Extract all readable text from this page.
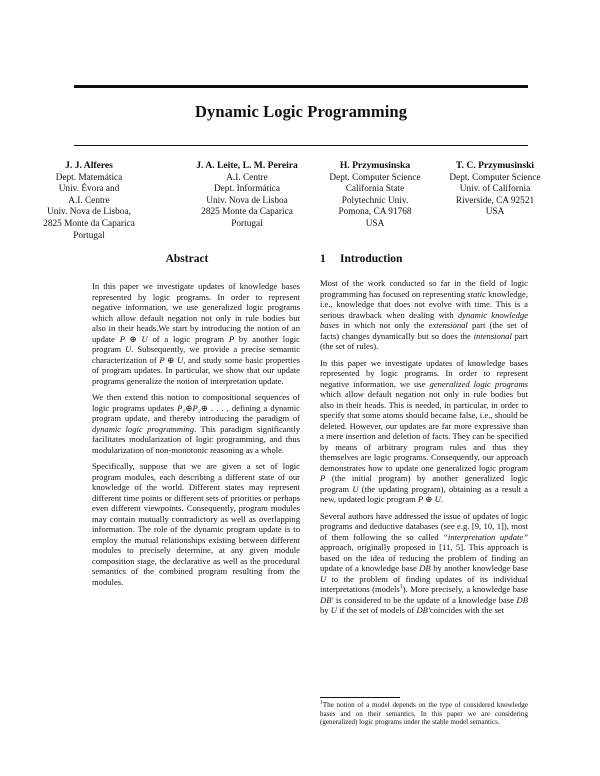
Dynamic Logic Programming
J. J. Alferes
Dept. Matemática
Univ. Évora and
A.I. Centre
Univ. Nova de Lisboa,
2825 Monte da Caparica
Portugal
J. A. Leite, L. M. Pereira
A.I. Centre
Dept. Informática
Univ. Nova de Lisboa
2825 Monte da Caparica
Portugal
H. Przymusinska
Dept. Computer Science
California State
Polytechnic Univ.
Pomona, CA 91768
USA
T. C. Przymusinski
Dept. Computer Science
Univ. of California
Riverside, CA 92521
USA
Abstract	1 Introduction

In this paper we investigate updates of knowledge bases represented by logic programs. In order to represent negative information, we use generalized logic programs which allow default negation not only in rule bodies but also in their heads.We start by introducing the notion of an update P ⊕ U of a logic program P by another logic program U. Subsequently, we provide a precise semantic characterization of P ⊕ U, and study some basic properties of program updates. In particular, we show that our update programs generalize the notion of interpretation update.

We then extend this notion to compositional sequences of logic programs updates P₁⊕P₂⊕ . . . , defining a dynamic program update, and thereby introducing the paradigm of dynamic logic programming. This paradigm significantly facilitates modularization of logic programming, and thus modularization of non-monotonic reasoning as a whole.

Specifically, suppose that we are given a set of logic program modules, each describing a different state of our knowledge of the world. Different states may represent different time points or different sets of priorities or perhaps even different viewpoints. Consequently, program modules may contain mutually contradictory as well as overlapping information. The role of the dynamic program update is to employ the mutual relationships existing between different modules to precisely determine, at any given module composition stage, the declarative as well as the procedural semantics of the combined program resulting from the modules.

Most of the work conducted so far in the field of logic programming has focused on representing static knowledge, i.e., knowledge that does not evolve with time. This is a serious drawback when dealing with dynamic knowledge bases in which not only the extensional part (the set of facts) changes dynamically but so does the intensional part (the set of rules).

In this paper we investigate updates of knowledge bases represented by logic programs. In order to represent negative information, we use generalized logic programs which allow default negation not only in rule bodies but also in their heads. This is needed, in particular, in order to specify that some atoms should became false, i.e., should be deleted. However, our updates are far more expressive than a mere insertion and deletion of facts. They can be specified by means of arbitrary program rules and thus they themselves are logic programs. Consequently, our approach demonstrates how to update one generalized logic program P (the initial program) by another generalized logic program U (the updating program), obtaining as a result a new, updated logic program P ⊕ U.

Several authors have addressed the issue of updates of logic programs and deductive databases (see e.g. [9, 10, 1]), most of them following the so called “interpretation update” approach, originally proposed in [11, 5]. This approach is based on the idea of reducing the problem of finding an update of a knowledge base DB by another knowledge base U to the problem of finding updates of its individual interpretations (models$^1$). More precisely, a knowledge base DB′ is considered to be the update of a knowledge base DB by U if the set of models of DB′coincides with the set

$^1$The notion of a model depends on the type of considered knowledge bases and on their semantics. In this paper we are considering (generalized) logic programs under the stable model semantics.
